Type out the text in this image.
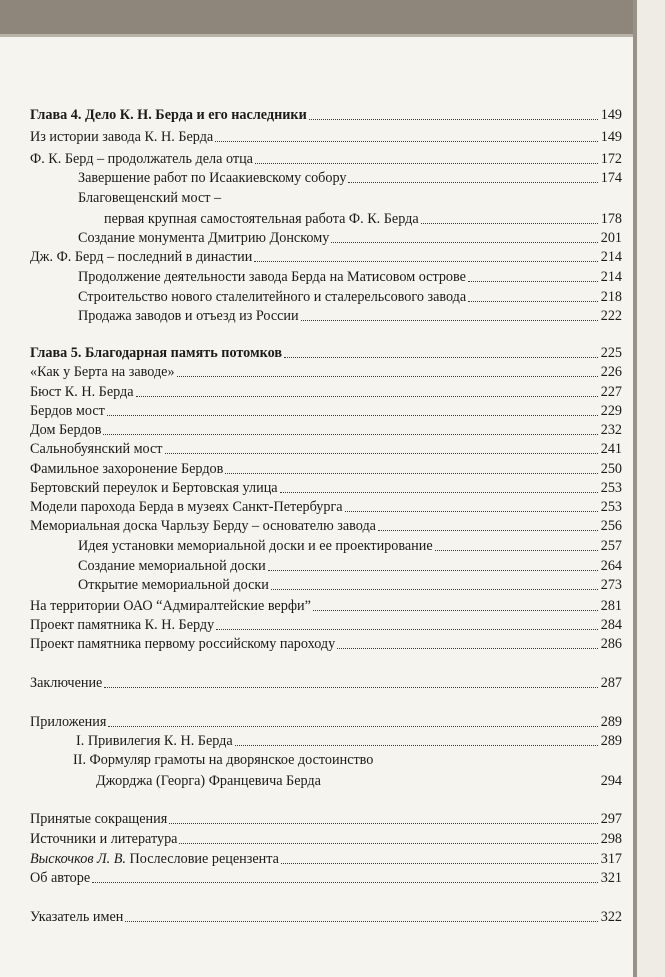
Глава 4. Дело К. Н. Берда и его наследники	149
Из истории завода К. Н. Берда	149
Ф. К. Берд – продолжатель дела отца	172
Завершение работ по Исаакиевскому собору	174
Благовещенский мост –
первая крупная самостоятельная работа Ф. К. Берда	178
Создание монумента Дмитрию Донскому	201
Дж. Ф. Берд – последний в династии	214
Продолжение деятельности завода Берда на Матисовом острове	214
Строительство нового сталелитейного и сталерельсового завода	218
Продажа заводов и отъезд из России	222
Глава 5. Благодарная память потомков	225
«Как у Берта на заводе»	226
Бюст К. Н. Берда	227
Бердов мост	229
Дом Бердов	232
Сальнобуянский мост	241
Фамильное захоронение Бердов	250
Бертовский переулок и Бертовская улица	253
Модели парохода Берда в музеях Санкт-Петербурга	253
Мемориальная доска Чарльзу Берду – основателю завода	256
Идея установки мемориальной доски и ее проектирование	257
Создание мемориальной доски	264
Открытие мемориальной доски	273
На территории ОАО “Адмиралтейские верфи”	281
Проект памятника К. Н. Берду	284
Проект памятника первому российскому пароходу	286
Заключение	287
Приложения	289
I. Привилегия К. Н. Берда	289
II. Формуляр грамоты на дворянское достоинство
Джорджа (Георга) Францевича Берда	294
Принятые сокращения	297
Источники и литература	298
Выскочков Л. В. Послесловие рецензента	317
Об авторе	321
Указатель имен	322
